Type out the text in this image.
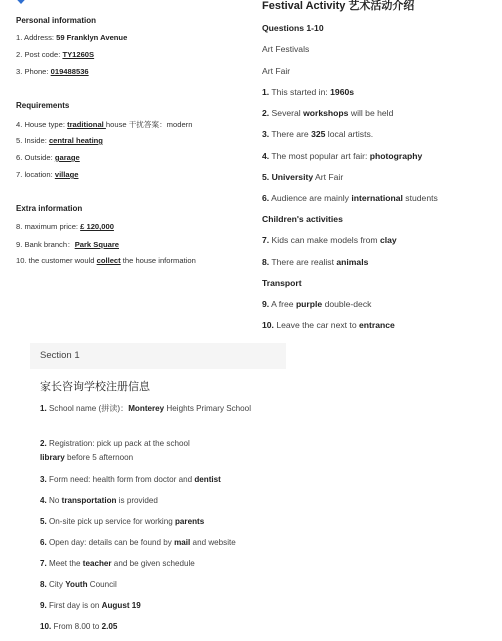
Personal information
1. Address: 59 Franklyn Avenue
2. Post code: TY1260S
3. Phone: 019488536
Requirements
4. House type: traditional house 干扰答案：modern
5. Inside: central heating
6. Outside: garage
7. location: village
Extra information
8. maximum price: £ 120,000
9. Bank branch：Park Square
10. the customer would collect the house information
Festival Activity 艺术活动介绍
Questions 1-10
Art Festivals
Art Fair
1. This started in: 1960s
2. Several workshops will be held
3. There are 325 local artists.
4. The most popular art fair: photography
5. University Art Fair
6. Audience are mainly international students
Children's activities
7. Kids can make models from clay
8. There are realist animals
Transport
9. A free purple double-deck
10. Leave the car next to entrance
Section 1
家长咨询学校注册信息
1. School name (拼读)：Monterey Heights Primary School
2. Registration: pick up pack at the school
library before 5 afternoon
3. Form need: health form from doctor and dentist
4. No transportation is provided
5. On-site pick up service for working parents
6. Open day: details can be found by mail and website
7. Meet the teacher and be given schedule
8. City Youth Council
9. First day is on August 19
10. From 8.00 to 2.05
